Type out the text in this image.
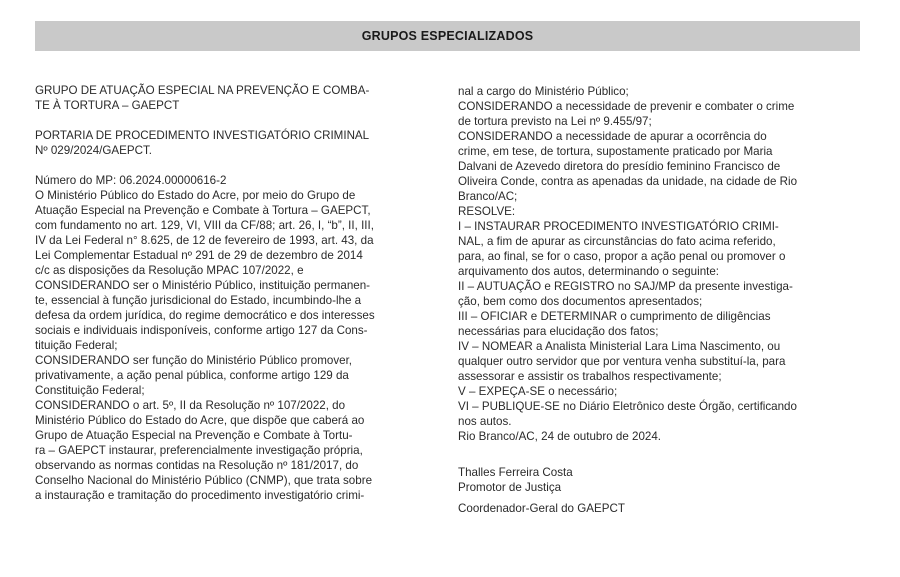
GRUPOS ESPECIALIZADOS

GRUPO DE ATUAÇÃO ESPECIAL NA PREVENÇÃO E COMBA-

TE À TORTURA – GAEPCT

PORTARIA DE PROCEDIMENTO INVESTIGATÓRIO CRIMINAL

Nº 029/2024/GAEPCT.

Número do MP: 06.2024.00000616-2

O Ministério Público do Estado do Acre, por meio do Grupo de

Atuação Especial na Prevenção e Combate à Tortura – GAEPCT,

com fundamento no art. 129, VI, VIII da CF/88; art. 26, I, “b”, II, III,

IV da Lei Federal n° 8.625, de 12 de fevereiro de 1993, art. 43, da

Lei Complementar Estadual nº 291 de 29 de dezembro de 2014

c/c as disposições da Resolução MPAC 107/2022, e

CONSIDERANDO ser o Ministério Público, instituição permanen-

te, essencial à função jurisdicional do Estado, incumbindo-lhe a

defesa da ordem jurídica, do regime democrático e dos interesses

sociais e individuais indisponíveis, conforme artigo 127 da Cons-

tituição Federal;

CONSIDERANDO ser função do Ministério Público promover,

privativamente, a ação penal pública, conforme artigo 129 da

Constituição Federal;

CONSIDERANDO o art. 5º, II da Resolução nº 107/2022, do

Ministério Público do Estado do Acre, que dispõe que caberá ao

Grupo de Atuação Especial na Prevenção e Combate à Tortu-

ra – GAEPCT instaurar, preferencialmente investigação própria,

observando as normas contidas na Resolução nº 181/2017, do

Conselho Nacional do Ministério Público (CNMP), que trata sobre

a instauração e tramitação do procedimento investigatório crimi-

nal a cargo do Ministério Público;

CONSIDERANDO a necessidade de prevenir e combater o crime

de tortura previsto na Lei nº 9.455/97;

CONSIDERANDO a necessidade de apurar a ocorrência do

crime, em tese, de tortura, supostamente praticado por Maria

Dalvani de Azevedo diretora do presídio feminino Francisco de

Oliveira Conde, contra as apenadas da unidade, na cidade de Rio

Branco/AC;

RESOLVE:

I – INSTAURAR PROCEDIMENTO INVESTIGATÓRIO CRIMI-

NAL, a fim de apurar as circunstâncias do fato acima referido,

para, ao final, se for o caso, propor a ação penal ou promover o

arquivamento dos autos, determinando o seguinte:

II – AUTUAÇÃO e REGISTRO no SAJ/MP da presente investiga-

ção, bem como dos documentos apresentados;

III – OFICIAR e DETERMINAR o cumprimento de diligências

necessárias para elucidação dos fatos;

IV – NOMEAR a Analista Ministerial Lara Lima Nascimento, ou

qualquer outro servidor que por ventura venha substituí-la, para

assessorar e assistir os trabalhos respectivamente;

V – EXPEÇA-SE o necessário;

VI – PUBLIQUE-SE no Diário Eletrônico deste Órgão, certificando

nos autos.

Rio Branco/AC, 24 de outubro de 2024.

Thalles Ferreira Costa

Promotor de Justiça

Coordenador-Geral do GAEPCT
